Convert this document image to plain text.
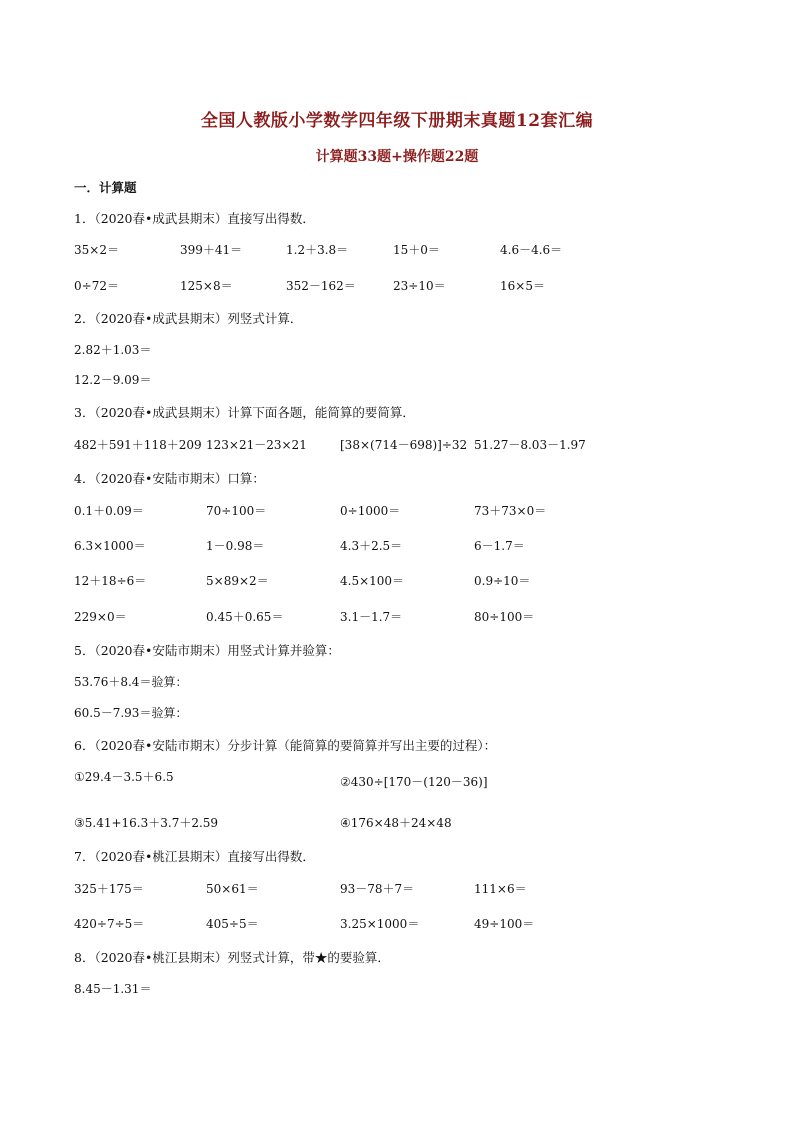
全国人教版小学数学四年级下册期末真题12套汇编
计算题33题+操作题22题
一．计算题
1．（2020春•成武县期末）直接写出得数．
35×2＝	399＋41＝	1.2＋3.8＝	15＋0＝	4.6－4.6＝
0÷72＝	125×8＝	352－162＝	23÷10＝	16×5＝
2．（2020春•成武县期末）列竖式计算．
2.82＋1.03＝
12.2－9.09＝
3．（2020春•成武县期末）计算下面各题，能简算的要简算．
482＋591＋118＋209 123×21－23×21	[38×(714－698)]÷32 51.27－8.03－1.97
4．（2020春•安陆市期末）口算：
0.1＋0.09＝	70÷100＝	0÷1000＝	73＋73×0＝
6.3×1000＝	1－0.98＝	4.3＋2.5＝	6－1.7＝
12＋18÷6＝	5×89×2＝	4.5×100＝	0.9÷10＝
229×0＝	0.45＋0.65＝	3.1－1.7＝	80÷100＝
5．（2020春•安陆市期末）用竖式计算并验算：
53.76＋8.4＝验算：
60.5－7.93＝验算：
6．（2020春•安陆市期末）分步计算（能简算的要简算并写出主要的过程）：
①29.4－3.5＋6.5	②430÷[170－(120－36)]
③5.41+16.3＋3.7＋2.59	④176×48＋24×48
7．（2020春•桃江县期末）直接写出得数．
325＋175＝	50×61＝	93－78＋7＝	111×6＝
420÷7÷5＝	405÷5＝	3.25×1000＝	49÷100＝
8．（2020春•桃江县期末）列竖式计算，带★的要验算．
8.45－1.31＝
